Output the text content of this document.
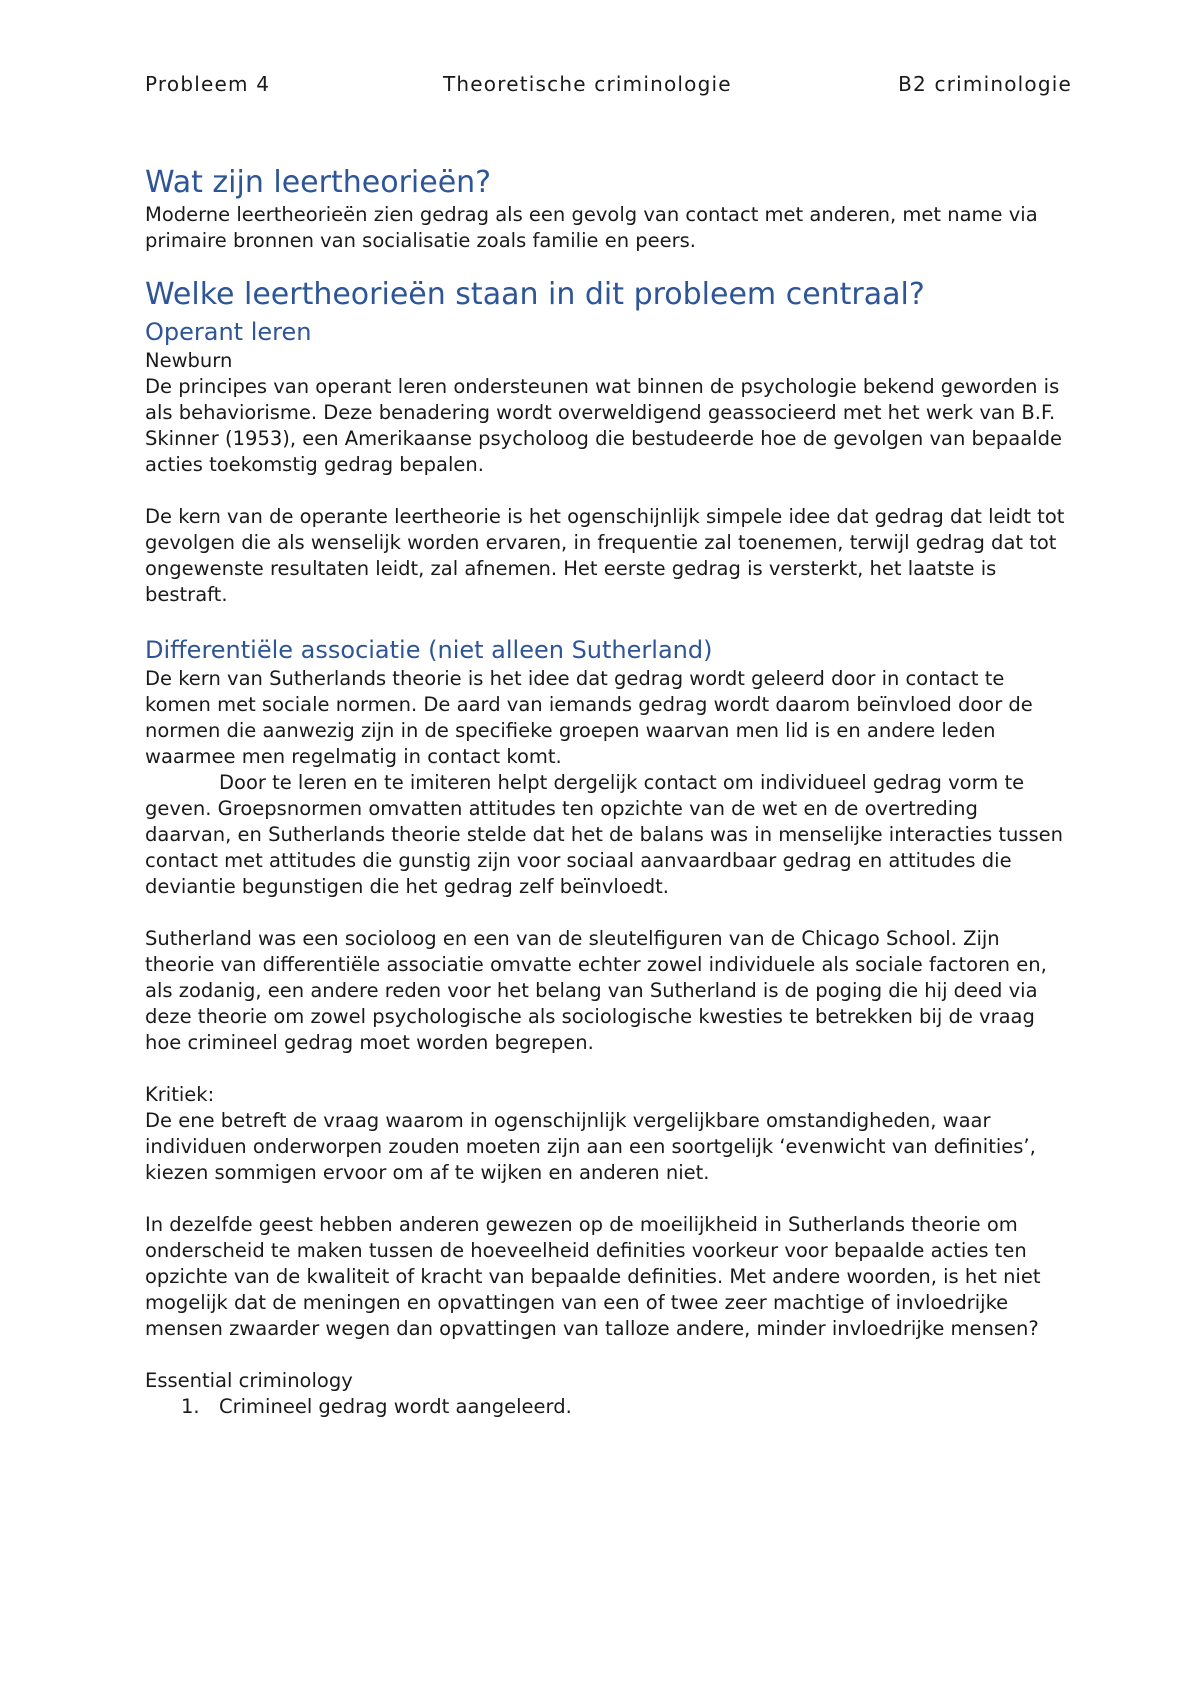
Probleem 4	Theoretische criminologie	B2 criminologie
Wat zijn leertheorieën?

Moderne leertheorieën zien gedrag als een gevolg van contact met anderen, met name via primaire bronnen van socialisatie zoals familie en peers.

Welke leertheorieën staan in dit probleem centraal?
Operant leren

Newburn

De principes van operant leren ondersteunen wat binnen de psychologie bekend geworden is als behaviorisme. Deze benadering wordt overweldigend geassocieerd met het werk van B.F. Skinner (1953), een Amerikaanse psycholoog die bestudeerde hoe de gevolgen van bepaalde acties toekomstig gedrag bepalen.

De kern van de operante leertheorie is het ogenschijnlijk simpele idee dat gedrag dat leidt tot gevolgen die als wenselijk worden ervaren, in frequentie zal toenemen, terwijl gedrag dat tot ongewenste resultaten leidt, zal afnemen. Het eerste gedrag is versterkt, het laatste is bestraft.

Differentiële associatie (niet alleen Sutherland)

De kern van Sutherlands theorie is het idee dat gedrag wordt geleerd door in contact te komen met sociale normen. De aard van iemands gedrag wordt daarom beïnvloed door de normen die aanwezig zijn in de specifieke groepen waarvan men lid is en andere leden waarmee men regelmatig in contact komt.

Door te leren en te imiteren helpt dergelijk contact om individueel gedrag vorm te geven. Groepsnormen omvatten attitudes ten opzichte van de wet en de overtreding daarvan, en Sutherlands theorie stelde dat het de balans was in menselijke interacties tussen contact met attitudes die gunstig zijn voor sociaal aanvaardbaar gedrag en attitudes die deviantie begunstigen die het gedrag zelf beïnvloedt.

Sutherland was een socioloog en een van de sleutelfiguren van de Chicago School. Zijn theorie van differentiële associatie omvatte echter zowel individuele als sociale factoren en, als zodanig, een andere reden voor het belang van Sutherland is de poging die hij deed via deze theorie om zowel psychologische als sociologische kwesties te betrekken bij de vraag hoe crimineel gedrag moet worden begrepen.

Kritiek:

De ene betreft de vraag waarom in ogenschijnlijk vergelijkbare omstandigheden, waar individuen onderworpen zouden moeten zijn aan een soortgelijk ‘evenwicht van definities’, kiezen sommigen ervoor om af te wijken en anderen niet.

In dezelfde geest hebben anderen gewezen op de moeilijkheid in Sutherlands theorie om onderscheid te maken tussen de hoeveelheid definities voorkeur voor bepaalde acties ten opzichte van de kwaliteit of kracht van bepaalde definities. Met andere woorden, is het niet mogelijk dat de meningen en opvattingen van een of twee zeer machtige of invloedrijke mensen zwaarder wegen dan opvattingen van talloze andere, minder invloedrijke mensen?

Essential criminology

1. Crimineel gedrag wordt aangeleerd.
